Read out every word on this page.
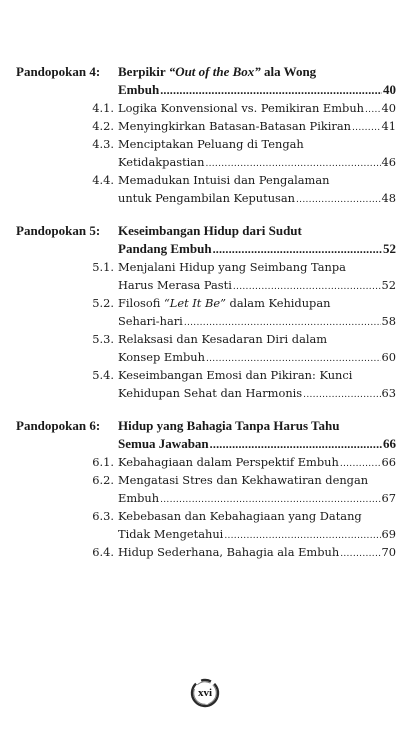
Pandopokan 4:	Berpikir “Out of the Box” ala Wong
Embuh .....	40
4.1. Logika Konvensional vs. Pemikiran Embuh ..... 40
4.2. Menyingkirkan Batasan-Batasan Pikiran .....	41
4.3. Menciptakan Peluang di Tengah
Ketidakpastian .....	46
4.4. Memadukan Intuisi dan Pengalaman
untuk Pengambilan Keputusan .....	48
Pandopokan 5:	Keseimbangan Hidup dari Sudut
Pandang Embuh .....	52
5.1. Menjalani Hidup yang Seimbang Tanpa
Harus Merasa Pasti .....	52
5.2. Filosofi “Let It Be” dalam Kehidupan
Sehari-hari .....	58
5.3. Relaksasi dan Kesadaran Diri dalam
Konsep Embuh .....	60
5.4. Keseimbangan Emosi dan Pikiran: Kunci
Kehidupan Sehat dan Harmonis .....	63
Pandopokan 6:	Hidup yang Bahagia Tanpa Harus Tahu
Semua Jawaban .....	66
6.1. Kebahagiaan dalam Perspektif Embuh .....	66
6.2. Mengatasi Stres dan Kekhawatiran dengan
Embuh .....	67
6.3. Kebebasan dan Kebahagiaan yang Datang
Tidak Mengetahui .....	69
6.4. Hidup Sederhana, Bahagia ala Embuh .....	70
xvi
